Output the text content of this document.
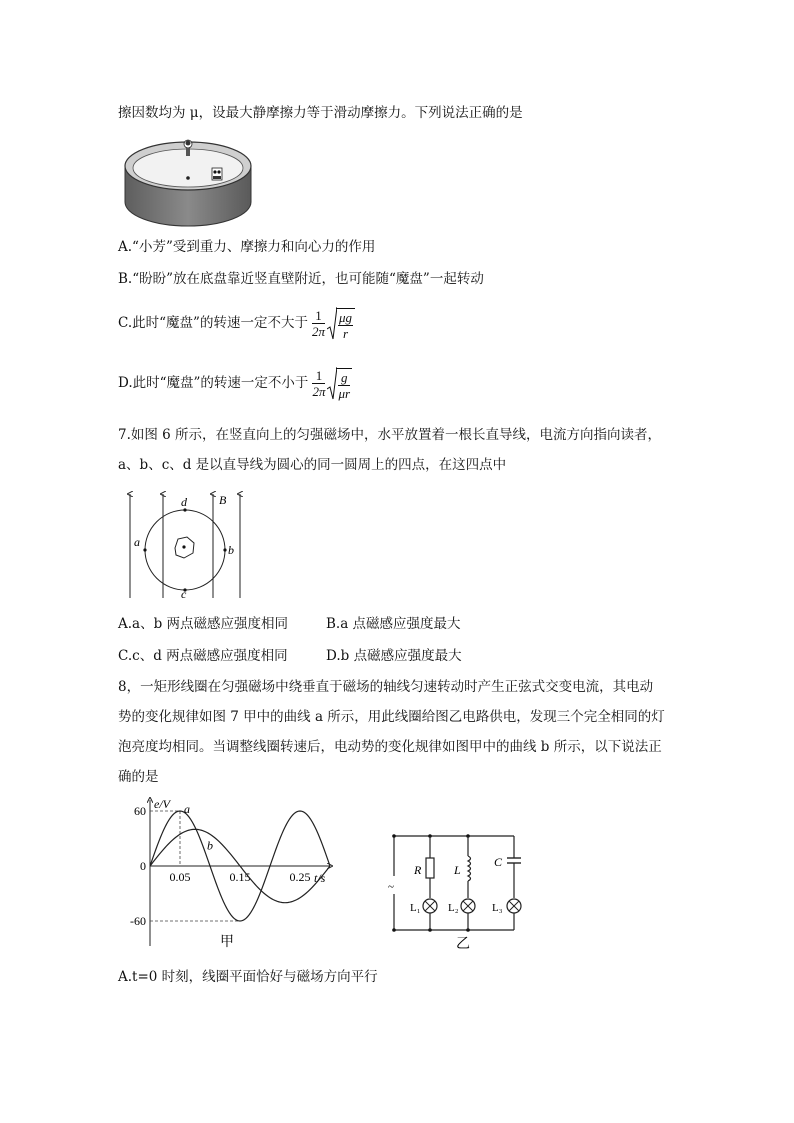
擦因数均为 μ，设最大静摩擦力等于滑动摩擦力。下列说法正确的是
A.“小芳”受到重力、摩擦力和向心力的作用
B.“盼盼”放在底盘靠近竖直壁附近，也可能随“魔盘”一起转动
C.此时“魔盘”的转速一定不大于 $\frac{1}{2\pi} \frac{\mu g}{r}$
D.此时“魔盘”的转速一定不小于 $\frac{1}{2\pi} \frac{g}{\mu r}$
7.如图 6 所示，在竖直向上的匀强磁场中，水平放置着一根长直导线，电流方向指向读者，
a、b、c、d 是以直导线为圆心的同一圆周上的四点，在这四点中
a
b
c
d	B
A.a、b 两点磁感应强度相同	B.a 点磁感应强度最大
C.c、d 两点磁感应强度相同	D.b 点磁感应强度最大
8，一矩形线圈在匀强磁场中绕垂直于磁场的轴线匀速转动时产生正弦式交变电流，其电动
势的变化规律如图 7 甲中的曲线 a 所示，用此线圈给图乙电路供电，发现三个完全相同的灯
泡亮度均相同。当调整线圈转速后，电动势的变化规律如图甲中的曲线 b 所示，以下说法正
确的是
60
0
-60
0.05	0.15	0.25
a
b
e/V
t/s
甲
~
R
L₁
L
L₂
C
L₃
乙
A.t=0 时刻，线圈平面恰好与磁场方向平行
